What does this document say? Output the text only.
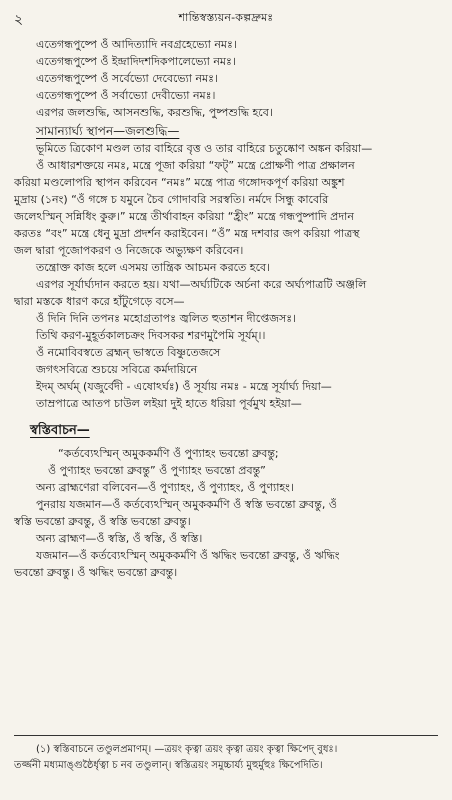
২	শান্তিস্বস্ত্যয়ন-কল্পদ্রুমঃ
এতেগন্ধপুষ্পে ওঁ আদিত্যাদি নবগ্রহেভ্যো নমঃ।
এতেগন্ধপুষ্পে ওঁ ইন্দ্রাদিদশদিকপালেভ্যো নমঃ।
এতেগন্ধপুষ্পে ওঁ সর্বেভ্যো দেবেভ্যো নমঃ।
এতেগন্ধপুষ্পে ওঁ সর্বাভ্যো দেবীভ্যো নমঃ।
এরপর জলশুদ্ধি, আসনশুদ্ধি, করশুদ্ধি, পুষ্পশুদ্ধি হবে।
সামান্যার্ঘ্য স্থাপন—জলশুদ্ধি—
ভূমিতে ত্রিকোণ মণ্ডল তার বাহিরে বৃত্ত ও তার বাহিরে চতুষ্কোণ অঙ্কন করিয়া—
ওঁ আধারশক্তয়ে নমঃ, মন্ত্রে পূজা করিয়া “ফট্” মন্ত্রে প্রোক্ষণী পাত্র প্রক্ষালন
করিয়া মণ্ডলোপরি স্থাপন করিবেন “নমঃ” মন্ত্রে পাত্র গঙ্গোদকপূর্ণ করিয়া অঙ্কুশ
মুদ্রায় (১নং) “ওঁ গঙ্গে চ যমুনে চৈব গোদাবরি সরস্বতি। নর্মদে সিন্ধু কাবেরি
জলেঽস্মিন্ সন্নিধিং কুরু।” মন্ত্রে তীর্থাবাহন করিয়া “হ্রীং” মন্ত্রে গন্ধপুষ্পাদি প্রদান
করতঃ “বং” মন্ত্রে ধেনু মুদ্রা প্রদর্শন করাইবেন। “ওঁ” মন্ত্র দশবার জপ করিয়া পাত্রস্থ
জল দ্বারা পূজোপকরণ ও নিজেকে অভ্যুক্ষণ করিবেন।
তন্ত্রোক্ত কাজ হলে এসময় তান্ত্রিক আচমন করতে হবে।
এরপর সূর্যার্ঘ্যদান করতে হয়। যথা—অর্ঘ্যটিকে অর্চনা করে অর্ঘ্যপাত্রটি অঞ্জলি
দ্বারা মস্তকে ধারণ করে হাঁটুগেড়ে বসে—
ওঁ দিনি দিনি তপনঃ মহোগ্রতাপঃ জ্বলিত হুতাশন দীপ্তেজসঃ।
তিথি করণ-মুহূর্তকালচক্রং দিবসকর শরণমুপৈমি সূর্যম্।।
ওঁ নমোবিবস্বতে ব্রহ্মন্ ভাস্বতে বিষ্ণুতেজসে
জগৎসবিত্রে শুচয়ে সবিত্রে কর্মদায়িনে
ইদম্ অর্ঘম্ (যজুর্বেদী - এষোঽর্ঘঃ) ওঁ সূর্যায় নমঃ - মন্ত্রে সূর্যার্ঘ্য দিয়া—
তাম্রপাত্রে আতপ চাউল লইয়া দুই হাতে ধরিয়া পূর্বমুখ হইয়া—
স্বস্তিবাচন—
“কর্তব্যেঽস্মিন্ অমুককর্মণি ওঁ পুণ্যাহং ভবন্তো ব্রুবন্তু;
ওঁ পুণ্যাহং ভবন্তো ব্রুবন্তু” ওঁ পুণ্যাহং ভবন্তো প্রবন্তু”
অন্য ব্রাহ্মণেরা বলিবেন—ওঁ পুণ্যাহং, ওঁ পুণ্যাহং, ওঁ পুণ্যাহং।
পুনরায় যজমান—ওঁ কর্তব্যেঽস্মিন্ অমুককর্মণি ওঁ স্বস্তি ভবন্তো ব্রুবন্তু, ওঁ
স্বস্তি ভবন্তো ব্রুবন্তু, ওঁ স্বস্তি ভবন্তো ব্রুবন্তু।
অন্য ব্রাহ্মণ—ওঁ স্বস্তি, ওঁ স্বস্তি, ওঁ স্বস্তি।
যজমান—ওঁ কর্তব্যেঽস্মিন্ অমুককর্মণি ওঁ ঋদ্ধিং ভবন্তো ব্রুবন্তু, ওঁ ঋদ্ধিং
ভবন্তো ব্রুবন্তু। ওঁ ঋদ্ধিং ভবন্তো ব্রুবন্তু।
(১) স্বস্তিবাচনে তণ্ডুলপ্রমাণম্। —ত্রয়ং কৃত্বা ত্রয়ং কৃত্বা ত্রয়ং কৃত্বা ক্ষিপেদ্ বুধঃ।
তর্জ্জনী মধ্যমাঙ্গুষ্ঠৈর্ধৃত্বা চ নব তণ্ডুলান্। স্বস্তিত্রয়ং সমুচ্চার্য্য মুহুর্মুহুঃ ক্ষিপেদিতি।
